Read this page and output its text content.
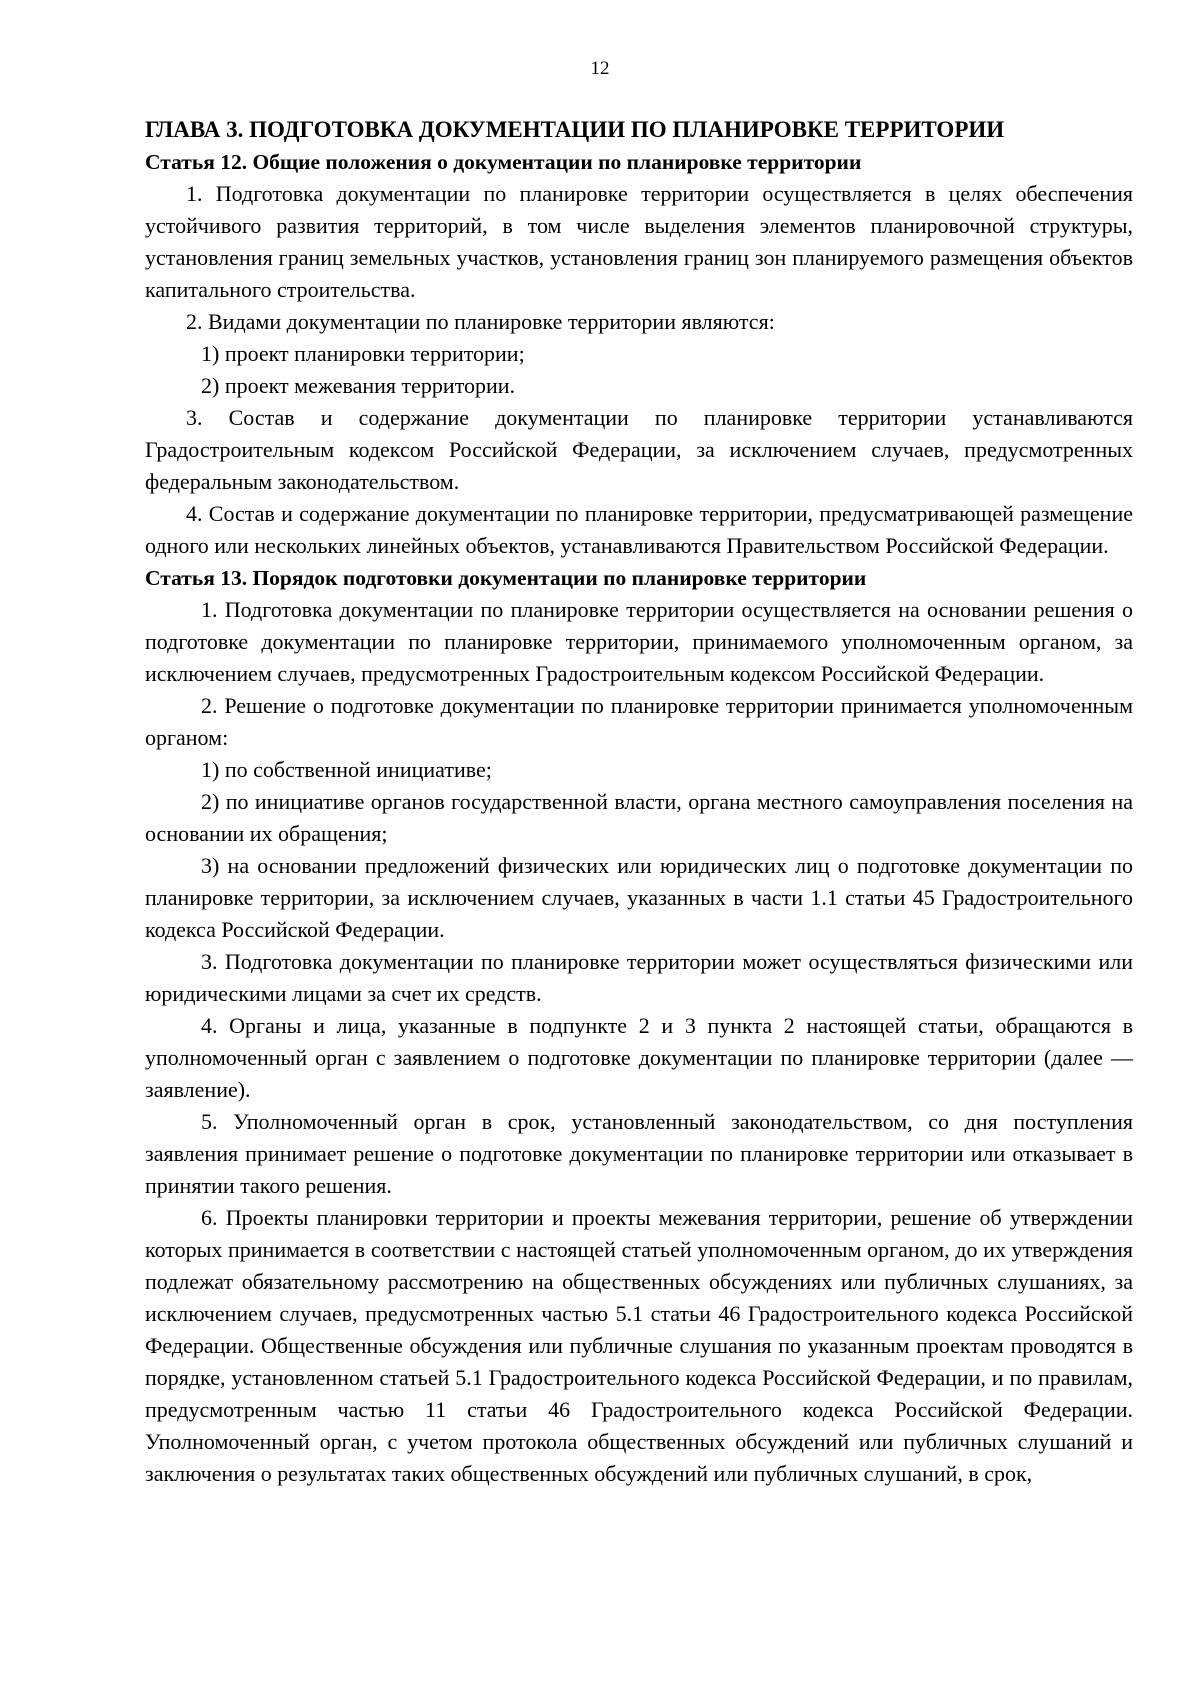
12
ГЛАВА 3. ПОДГОТОВКА ДОКУМЕНТАЦИИ ПО ПЛАНИРОВКЕ ТЕРРИТОРИИ
Статья 12. Общие положения о документации по планировке территории

1. Подготовка документации по планировке территории осуществляется в целях обеспечения устойчивого развития территорий, в том числе выделения элементов планировочной структуры, установления границ земельных участков, установления границ зон планируемого размещения объектов капитального строительства.

2. Видами документации по планировке территории являются:

1) проект планировки территории;

2) проект межевания территории.

3. Состав и содержание документации по планировке территории устанавливаются Градостроительным кодексом Российской Федерации, за исключением случаев, предусмотренных федеральным законодательством.

4. Состав и содержание документации по планировке территории, предусматривающей размещение одного или нескольких линейных объектов, устанавливаются Правительством Российской Федерации.

Статья 13. Порядок подготовки документации по планировке территории

1. Подготовка документации по планировке территории осуществляется на основании решения о подготовке документации по планировке территории, принимаемого уполномоченным органом, за исключением случаев, предусмотренных Градостроительным кодексом Российской Федерации.

2. Решение о подготовке документации по планировке территории принимается уполномоченным органом:

1) по собственной инициативе;

2) по инициативе органов государственной власти, органа местного самоуправления поселения на основании их обращения;

3) на основании предложений физических или юридических лиц о подготовке документации по планировке территории, за исключением случаев, указанных в части 1.1 статьи 45 Градостроительного кодекса Российской Федерации.

3. Подготовка документации по планировке территории может осуществляться физическими или юридическими лицами за счет их средств.

4. Органы и лица, указанные в подпункте 2 и 3 пункта 2 настоящей статьи, обращаются в уполномоченный орган с заявлением о подготовке документации по планировке территории (далее — заявление).

5. Уполномоченный орган в срок, установленный законодательством, со дня поступления заявления принимает решение о подготовке документации по планировке территории или отказывает в принятии такого решения.

6. Проекты планировки территории и проекты межевания территории, решение об утверждении которых принимается в соответствии с настоящей статьей уполномоченным органом, до их утверждения подлежат обязательному рассмотрению на общественных обсуждениях или публичных слушаниях, за исключением случаев, предусмотренных частью 5.1 статьи 46 Градостроительного кодекса Российской Федерации. Общественные обсуждения или публичные слушания по указанным проектам проводятся в порядке, установленном статьей 5.1 Градостроительного кодекса Российской Федерации, и по правилам, предусмотренным частью 11 статьи 46 Градостроительного кодекса Российской Федерации. Уполномоченный орган, с учетом протокола общественных обсуждений или публичных слушаний и заключения о результатах таких общественных обсуждений или публичных слушаний, в срок,
